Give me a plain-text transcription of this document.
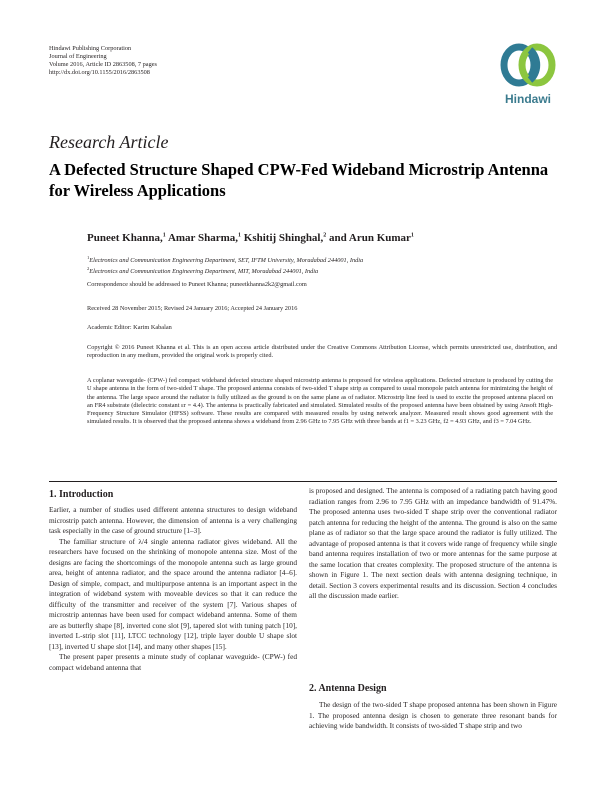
Hindawi Publishing Corporation
Journal of Engineering
Volume 2016, Article ID 2863508, 7 pages
http://dx.doi.org/10.1155/2016/2863508
Hindawi
Research Article
A Defected Structure Shaped CPW-Fed Wideband Microstrip Antenna for Wireless Applications
Puneet Khanna,$^1$ Amar Sharma,$^1$ Kshitij Shinghal,$^2$ and Arun Kumar$^1$
$^1$Electronics and Communication Engineering Department, SET, IFTM University, Moradabad 244001, India
$^2$Electronics and Communication Engineering Department, MIT, Moradabad 244001, India
Correspondence should be addressed to Puneet Khanna; puneetkhanna2k2@gmail.com
Received 28 November 2015; Revised 24 January 2016; Accepted 24 January 2016
Academic Editor: Karim Kabalan
Copyright © 2016 Puneet Khanna et al. This is an open access article distributed under the Creative Commons Attribution License, which permits unrestricted use, distribution, and reproduction in any medium, provided the original work is properly cited.
A coplanar waveguide- (CPW-) fed compact wideband defected structure shaped microstrip antenna is proposed for wireless applications. Defected structure is produced by cutting the U shape antenna in the form of two-sided T shape. The proposed antenna consists of two-sided T shape strip as compared to usual monopole patch antenna for minimizing the height of the antenna. The large space around the radiator is fully utilized as the ground is on the same plane as of radiator. Microstrip line feed is used to excite the proposed antenna placed on an FR4 substrate (dielectric constant εr = 4.4). The antenna is practically fabricated and simulated. Simulated results of the proposed antenna have been obtained by using Ansoft High-Frequency Structure Simulator (HFSS) software. These results are compared with measured results by using network analyzer. Measured result shows good agreement with the simulated results. It is observed that the proposed antenna shows a wideband from 2.96 GHz to 7.95 GHz with three bands at f1 = 3.23 GHz, f2 = 4.93 GHz, and f3 = 7.04 GHz.
1. Introduction

Earlier, a number of studies used different antenna structures to design wideband microstrip patch antenna. However, the dimension of antenna is a very challenging task especially in the case of ground structure [1–3].

The familiar structure of λ/4 single antenna radiator gives wideband. All the researchers have focused on the shrinking of monopole antenna size. Most of the designs are facing the shortcomings of the monopole antenna such as large ground area, height of antenna radiator, and the space around the antenna radiator [4–6]. Design of simple, compact, and multipurpose antenna is an important aspect in the integration of wideband system with moveable devices so that it can reduce the difficulty of the transmitter and receiver of the system [7]. Various shapes of microstrip antennas have been used for compact wideband antenna. Some of them are as butterfly shape [8], inverted cone slot [9], tapered slot with tuning patch [10], inverted L-strip slot [11], LTCC technology [12], triple layer double U shape slot [13], inverted U shape slot [14], and many other shapes [15].

The present paper presents a minute study of coplanar waveguide- (CPW-) fed compact wideband antenna that

is proposed and designed. The antenna is composed of a radiating patch having good radiation ranges from 2.96 to 7.95 GHz with an impedance bandwidth of 91.47%. The proposed antenna uses two-sided T shape strip over the conventional radiator patch antenna for reducing the height of the antenna. The ground is also on the same plane as of radiator so that the large space around the radiator is fully utilized. The advantage of proposed antenna is that it covers wide range of frequency while single band antenna requires installation of two or more antennas for the same purpose at the same location that creates complexity. The proposed structure of the antenna is shown in Figure 1. The next section deals with antenna designing technique, in detail. Section 3 covers experimental results and its discussion. Section 4 concludes all the discussion made earlier.

2. Antenna Design

The design of the two-sided T shape proposed antenna has been shown in Figure 1. The proposed antenna design is chosen to generate three resonant bands for achieving wide bandwidth. It consists of two-sided T shape strip and two
